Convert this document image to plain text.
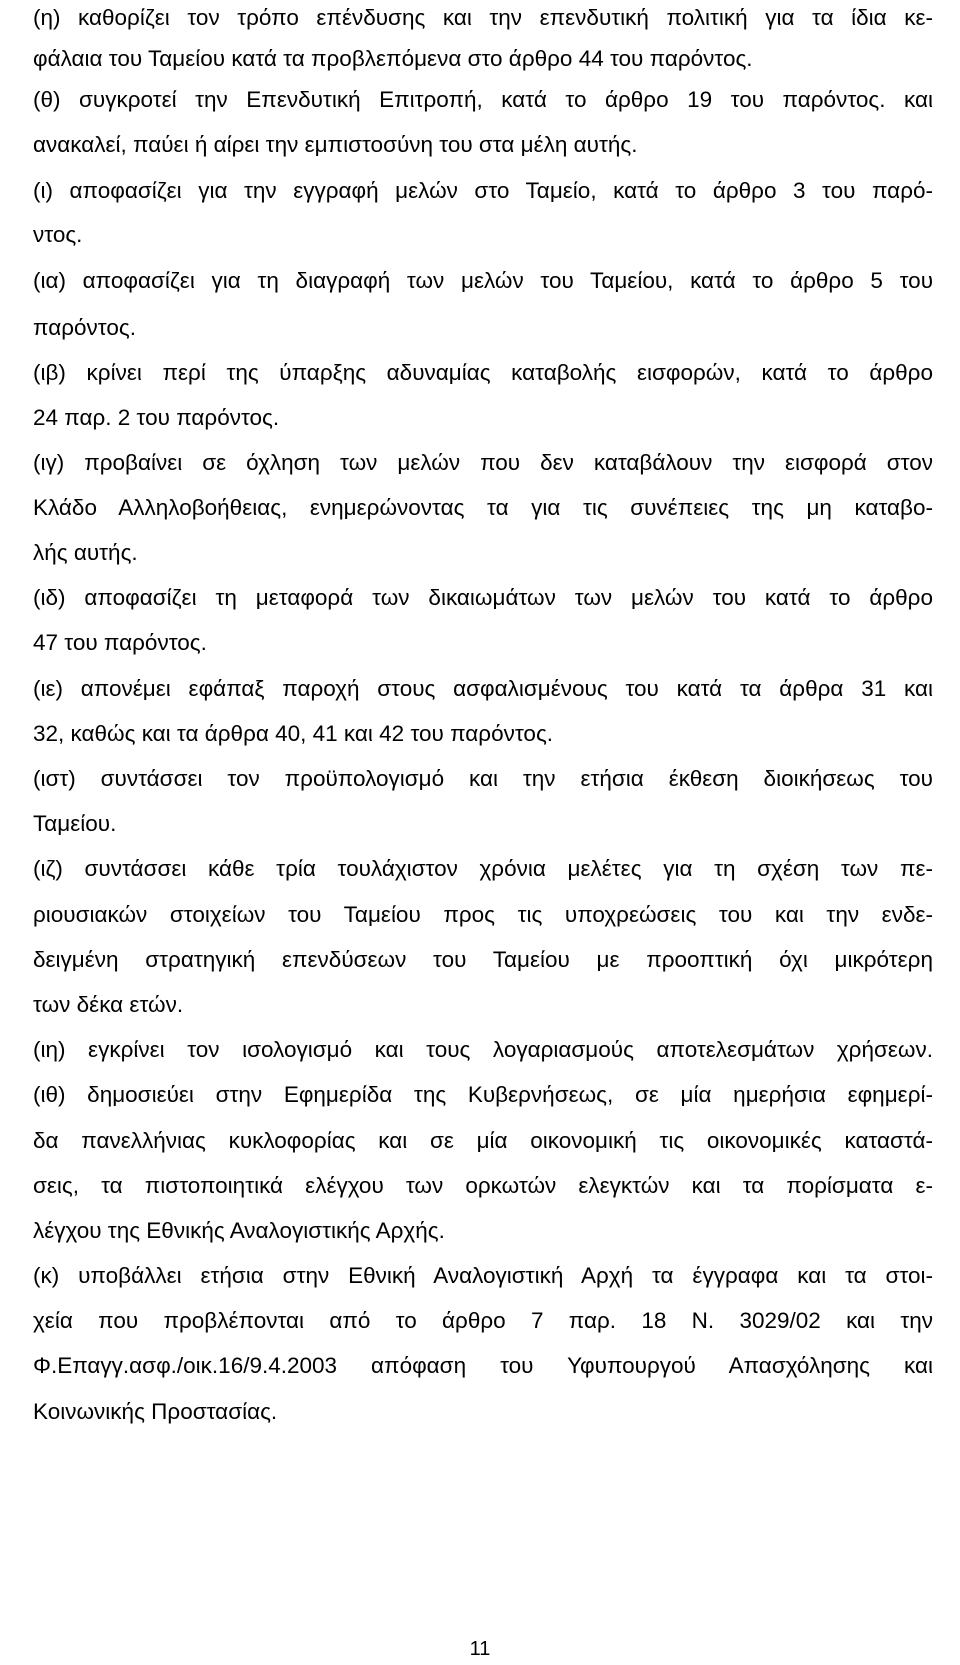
(η) καθορίζει τον τρόπο επένδυσης και την επενδυτική πολιτική για τα ίδια κε-
φάλαια του Ταμείου κατά τα προβλεπόμενα στο άρθρο 44 του παρόντος.
(θ) συγκροτεί την Επενδυτική Επιτροπή, κατά το άρθρο 19 του παρόντος. και
ανακαλεί, παύει ή αίρει την εμπιστοσύνη του στα μέλη αυτής.
(ι) αποφασίζει για την εγγραφή μελών στο Ταμείο, κατά το άρθρο 3 του παρό-
ντος.
(ια) αποφασίζει για τη διαγραφή των μελών του Ταμείου, κατά το άρθρο 5 του
παρόντος.
(ιβ) κρίνει περί της ύπαρξης αδυναμίας καταβολής εισφορών, κατά το άρθρο
24 παρ. 2 του παρόντος.
(ιγ) προβαίνει σε όχληση των μελών που δεν καταβάλουν την εισφορά στον
Κλάδο Αλληλοβοήθειας, ενημερώνοντας τα για τις συνέπειες της μη καταβο-
λής αυτής.
(ιδ) αποφασίζει τη μεταφορά των δικαιωμάτων των μελών του κατά το άρθρο
47 του παρόντος.
(ιε) απονέμει εφάπαξ παροχή στους ασφαλισμένους του κατά τα άρθρα 31 και
32, καθώς και τα άρθρα 40, 41 και 42 του παρόντος.
(ιστ) συντάσσει τον προϋπολογισμό και την ετήσια έκθεση διοικήσεως του
Ταμείου.
(ιζ) συντάσσει κάθε τρία τουλάχιστον χρόνια μελέτες για τη σχέση των πε-
ριουσιακών στοιχείων του Ταμείου προς τις υποχρεώσεις του και την ενδε-
δειγμένη στρατηγική επενδύσεων του Ταμείου με προοπτική όχι μικρότερη
των δέκα ετών.
(ιη) εγκρίνει τον ισολογισμό και τους λογαριασμούς αποτελεσμάτων χρήσεων.
(ιθ) δημοσιεύει στην Εφημερίδα της Κυβερνήσεως, σε μία ημερήσια εφημερί-
δα πανελλήνιας κυκλοφορίας και σε μία οικονομική τις οικονομικές καταστά-
σεις, τα πιστοποιητικά ελέγχου των ορκωτών ελεγκτών και τα πορίσματα ε-
λέγχου της Εθνικής Αναλογιστικής Αρχής.
(κ) υποβάλλει ετήσια στην Εθνική Αναλογιστική Αρχή τα έγγραφα και τα στοι-
χεία που προβλέπονται από το άρθρο 7 παρ. 18 Ν. 3029/02 και την
Φ.Επαγγ.ασφ./οικ.16/9.4.2003 απόφαση του Υφυπουργού Απασχόλησης και
Κοινωνικής Προστασίας.
11
